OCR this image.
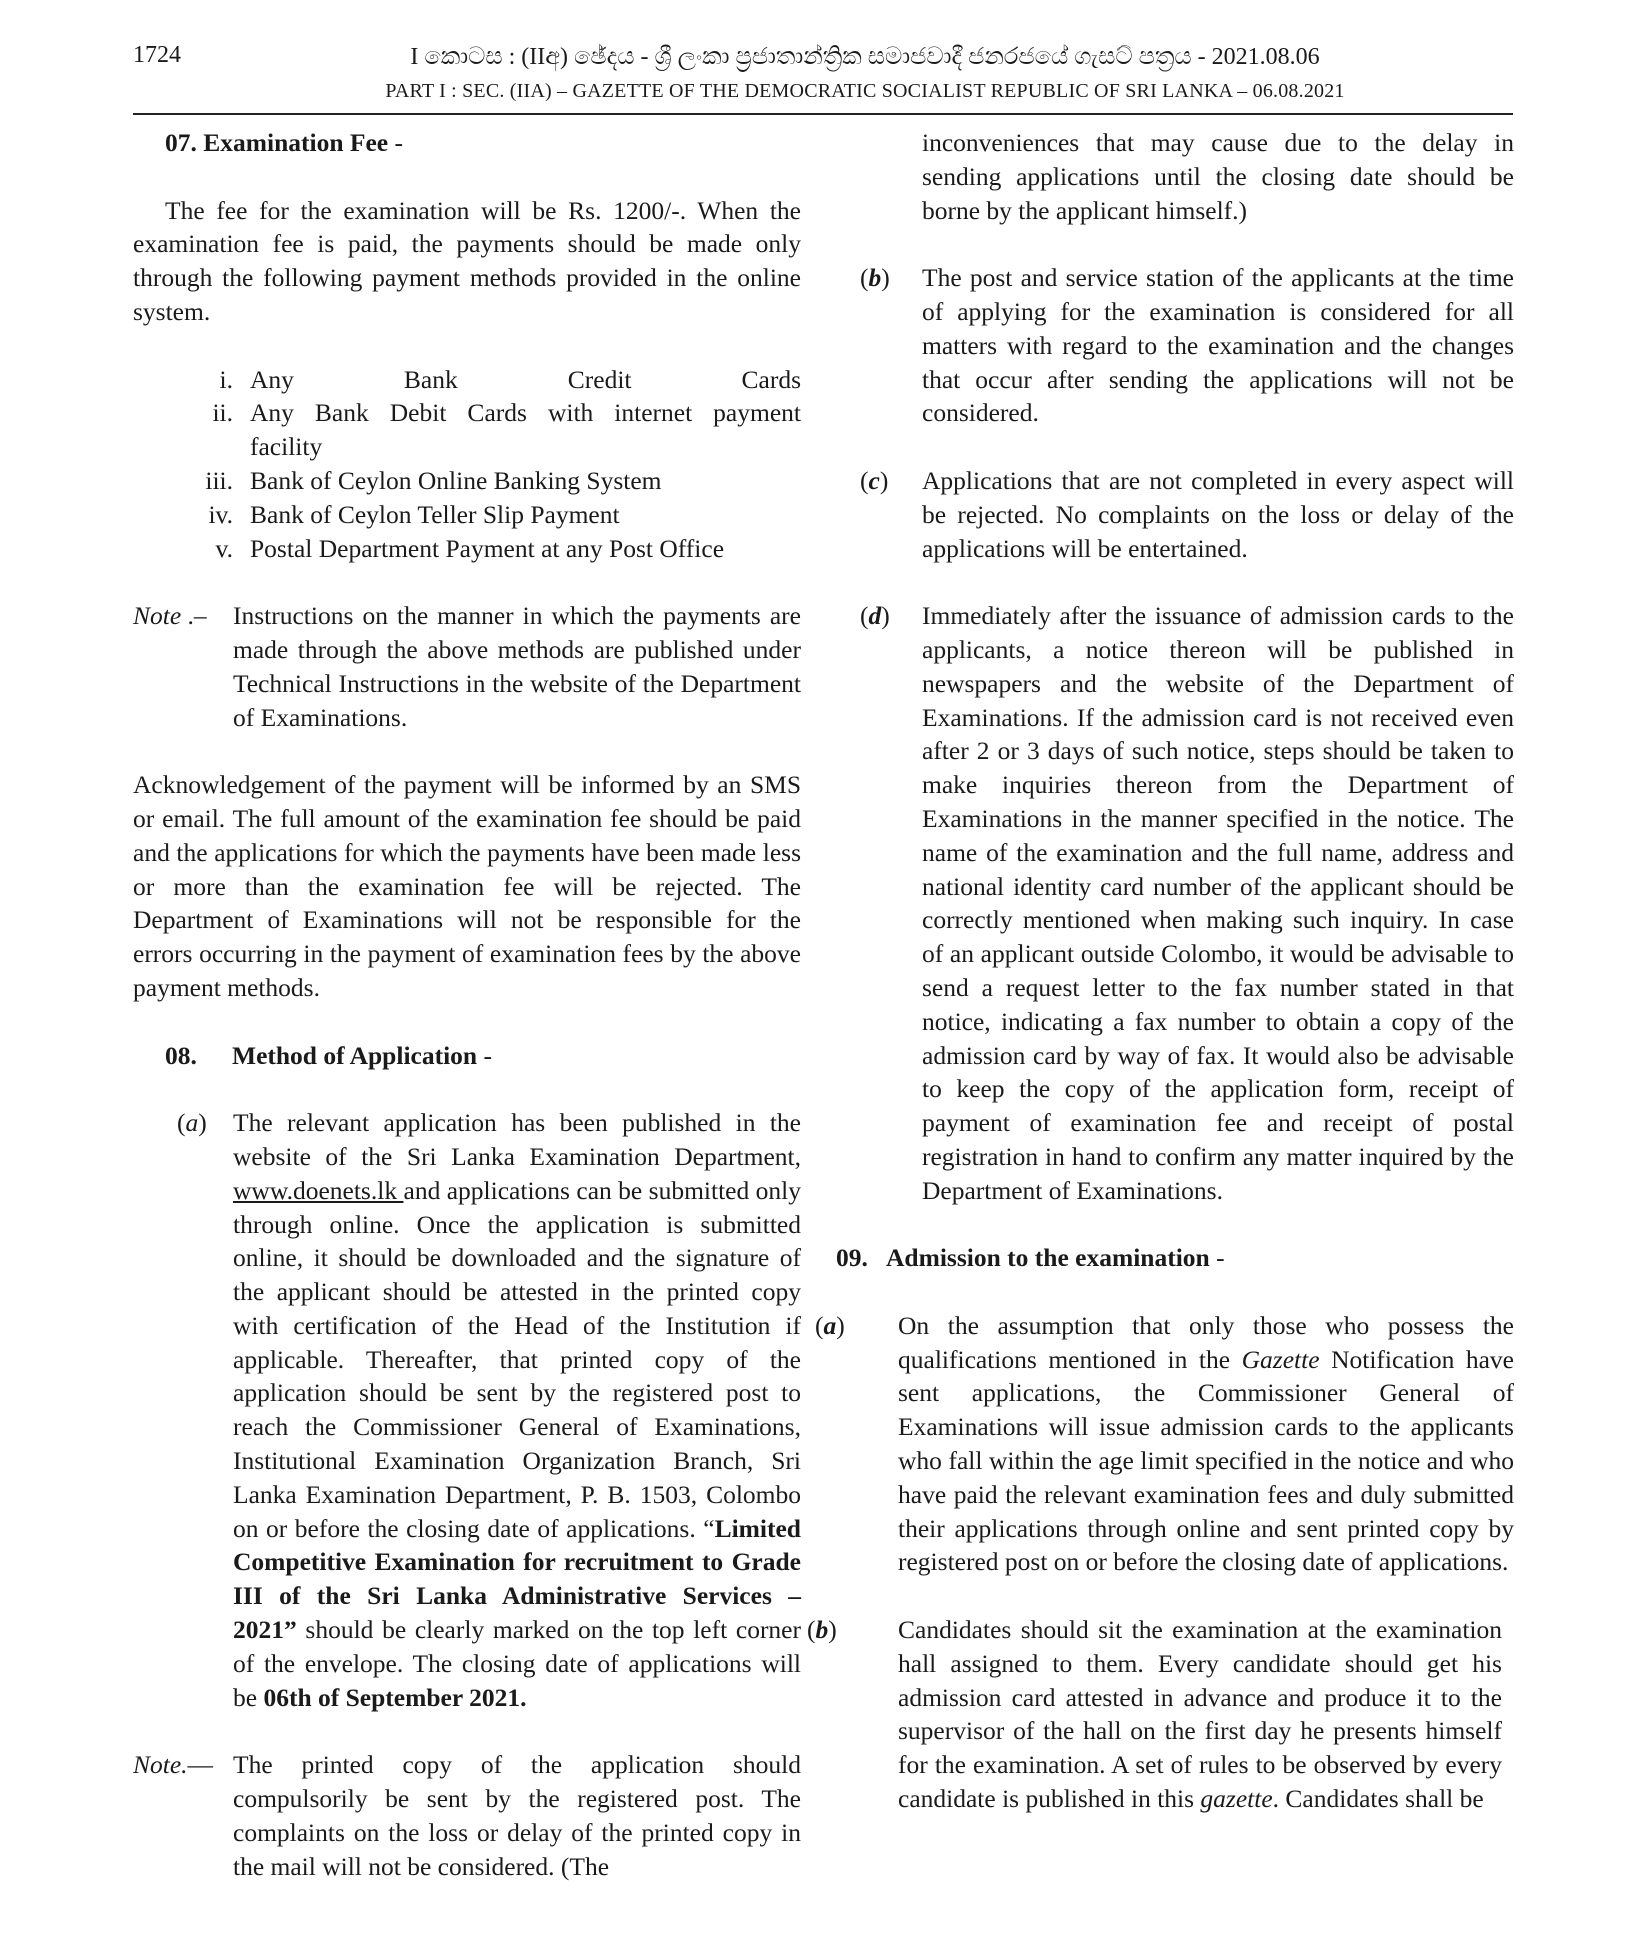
1724	I කොටස : (IIඅ) ඡේදය - ශ්‍රී ලංකා ප්‍රජාතාන්ත්‍රික සමාජවාදී ජනරජයේ ගැසට් පත්‍රය - 2021.08.06
PART I : SEC. (IIA) – GAZETTE OF THE DEMOCRATIC SOCIALIST REPUBLIC OF SRI LANKA – 06.08.2021

07. Examination Fee -

The fee for the examination will be Rs. 1200/-. When the examination fee is paid, the payments should be made only through the following payment methods provided in the online system.

i. Any Bank Credit Cards
ii. Any Bank Debit Cards with internet payment
facility
iii. Bank of Ceylon Online Banking System
iv. Bank of Ceylon Teller Slip Payment
v. Postal Department Payment at any Post Office
Note .–	Instructions on the manner in which the payments are made through the above methods are published under Technical Instructions in the website of the Department of Examinations.

Acknowledgement of the payment will be informed by an SMS or email. The full amount of the examination fee should be paid and the applications for which the payments have been made less or more than the examination fee will be rejected. The Department of Examinations will not be responsible for the errors occurring in the payment of examination fees by the above payment methods.

08.	Method of Application -
(a)	The relevant application has been published in the website of the Sri Lanka Examination Department, www.doenets.lk and applications can be submitted only through online. Once the application is submitted online, it should be downloaded and the signature of the applicant should be attested in the printed copy with certification of the Head of the Institution if applicable. Thereafter, that printed copy of the application should be sent by the registered post to reach the Commissioner General of Examinations, Institutional Examination Organization Branch, Sri Lanka Examination Department, P. B. 1503, Colombo on or before the closing date of applications. “Limited Competitive Examination for recruitment to Grade III of the Sri Lanka Administrative Services – 2021” should be clearly marked on the top left corner of the envelope. The closing date of applications will be 06th of September 2021.
Note.— The printed copy of the application should compulsorily be sent by the registered post. The complaints on the loss or delay of the printed copy in the mail will not be considered. (The

inconveniences that may cause due to the delay in sending applications until the closing date should be borne by the applicant himself.)

(b)	The post and service station of the applicants at the time of applying for the examination is considered for all matters with regard to the examination and the changes that occur after sending the applications will not be considered.
(c)	Applications that are not completed in every aspect will be rejected. No complaints on the loss or delay of the applications will be entertained.
(d)	Immediately after the issuance of admission cards to the applicants, a notice thereon will be published in newspapers and the website of the Department of Examinations. If the admission card is not received even after 2 or 3 days of such notice, steps should be taken to make inquiries thereon from the Department of Examinations in the manner specified in the notice. The name of the examination and the full name, address and national identity card number of the applicant should be correctly mentioned when making such inquiry. In case of an applicant outside Colombo, it would be advisable to send a request letter to the fax number stated in that notice, indicating a fax number to obtain a copy of the admission card by way of fax. It would also be advisable to keep the copy of the application form, receipt of payment of examination fee and receipt of postal registration in hand to confirm any matter inquired by the Department of Examinations.
09. Admission to the examination -
(a)	On the assumption that only those who possess the qualifications mentioned in the Gazette Notification have sent applications, the Commissioner General of Examinations will issue admission cards to the applicants who fall within the age limit specified in the notice and who have paid the relevant examination fees and duly submitted their applications through online and sent printed copy by registered post on or before the closing date of applications.
(b)	Candidates should sit the examination at the examination hall assigned to them. Every candidate should get his admission card attested in advance and produce it to the supervisor of the hall on the first day he presents himself for the examination. A set of rules to be observed by every candidate is published in this gazette. Candidates shall be
